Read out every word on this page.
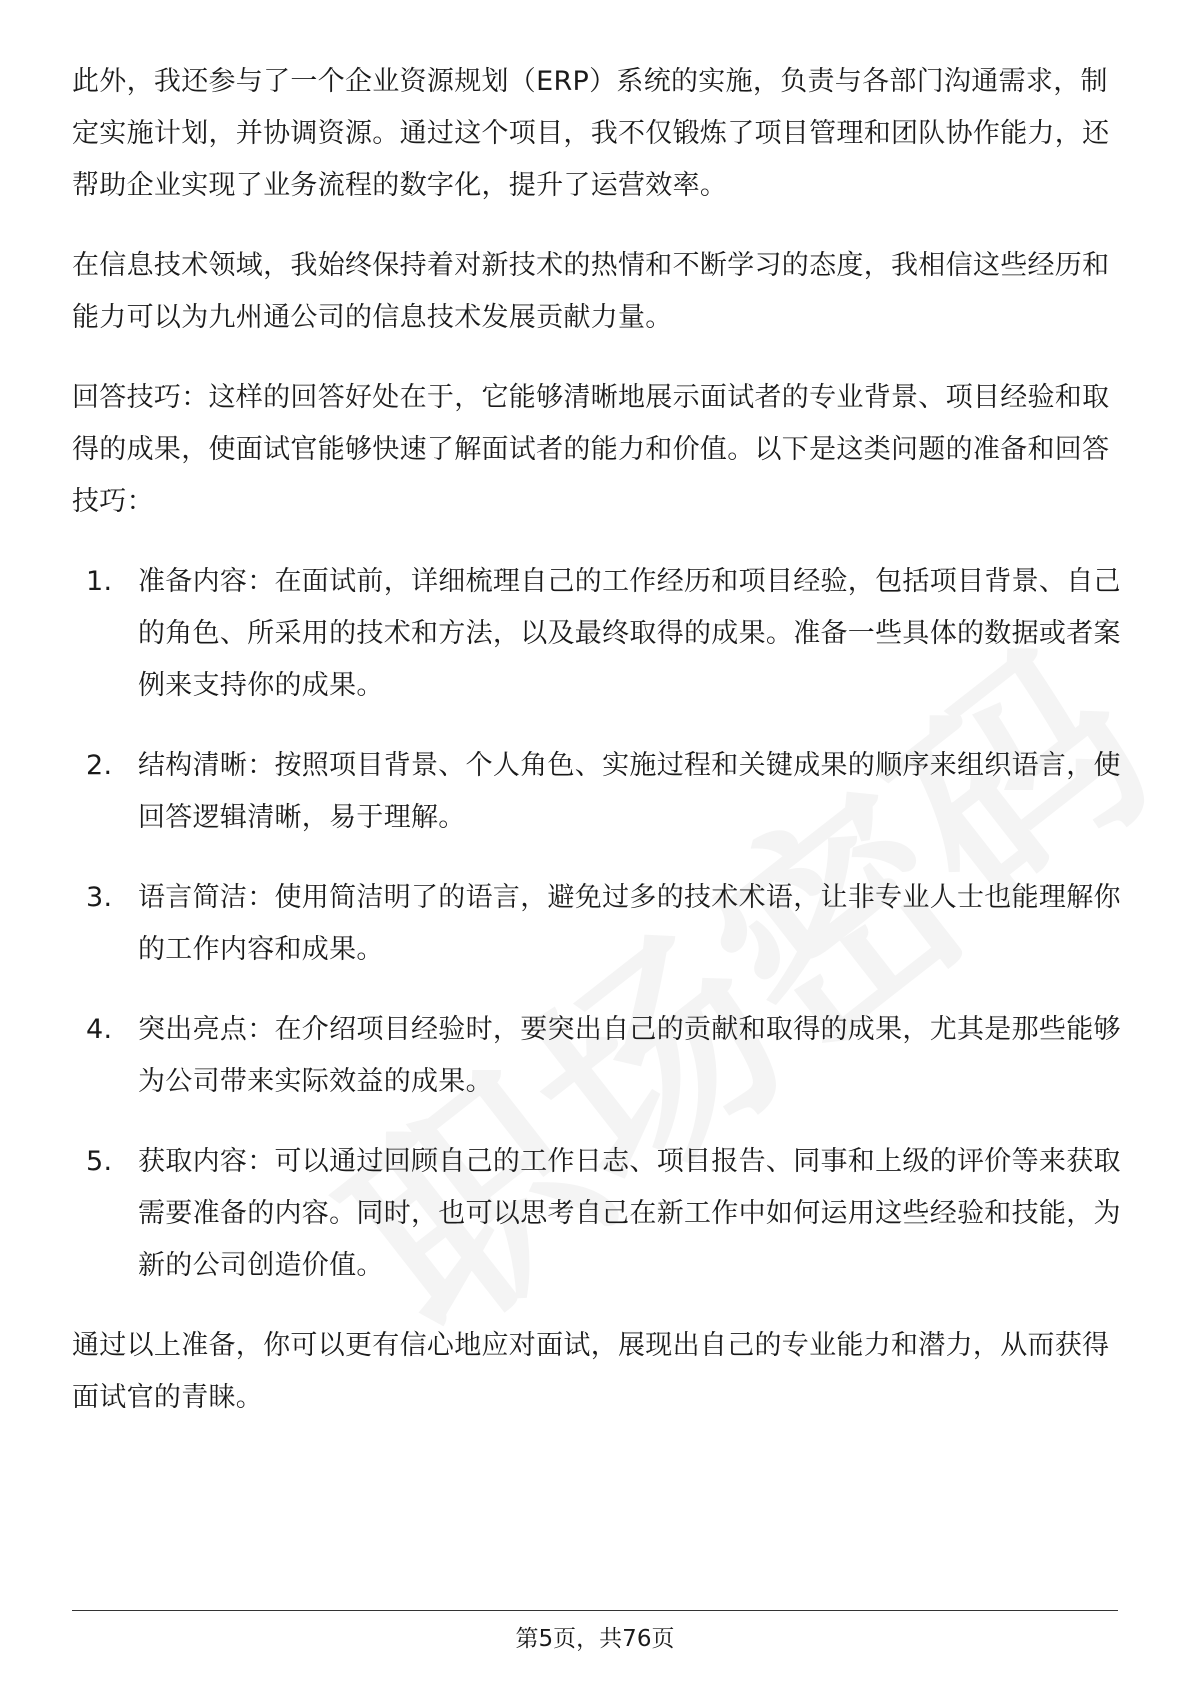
此外，我还参与了一个企业资源规划（ERP）系统的实施，负责与各部门沟通需求，制定实施计划，并协调资源。通过这个项目，我不仅锻炼了项目管理和团队协作能力，还帮助企业实现了业务流程的数字化，提升了运营效率。

在信息技术领域，我始终保持着对新技术的热情和不断学习的态度，我相信这些经历和能力可以为九州通公司的信息技术发展贡献力量。

回答技巧：这样的回答好处在于，它能够清晰地展示面试者的专业背景、项目经验和取得的成果，使面试官能够快速了解面试者的能力和价值。以下是这类问题的准备和回答技巧：

1. 准备内容：在面试前，详细梳理自己的工作经历和项目经验，包括项目背景、自己的角色、所采用的技术和方法，以及最终取得的成果。准备一些具体的数据或者案例来支持你的成果。
2. 结构清晰：按照项目背景、个人角色、实施过程和关键成果的顺序来组织语言，使回答逻辑清晰，易于理解。
3. 语言简洁：使用简洁明了的语言，避免过多的技术术语，让非专业人士也能理解你的工作内容和成果。
4. 突出亮点：在介绍项目经验时，要突出自己的贡献和取得的成果，尤其是那些能够为公司带来实际效益的成果。
5. 获取内容：可以通过回顾自己的工作日志、项目报告、同事和上级的评价等来获取需要准备的内容。同时，也可以思考自己在新工作中如何运用这些经验和技能，为新的公司创造价值。

通过以上准备，你可以更有信心地应对面试，展现出自己的专业能力和潜力，从而获得面试官的青睐。

第5页，共76页
